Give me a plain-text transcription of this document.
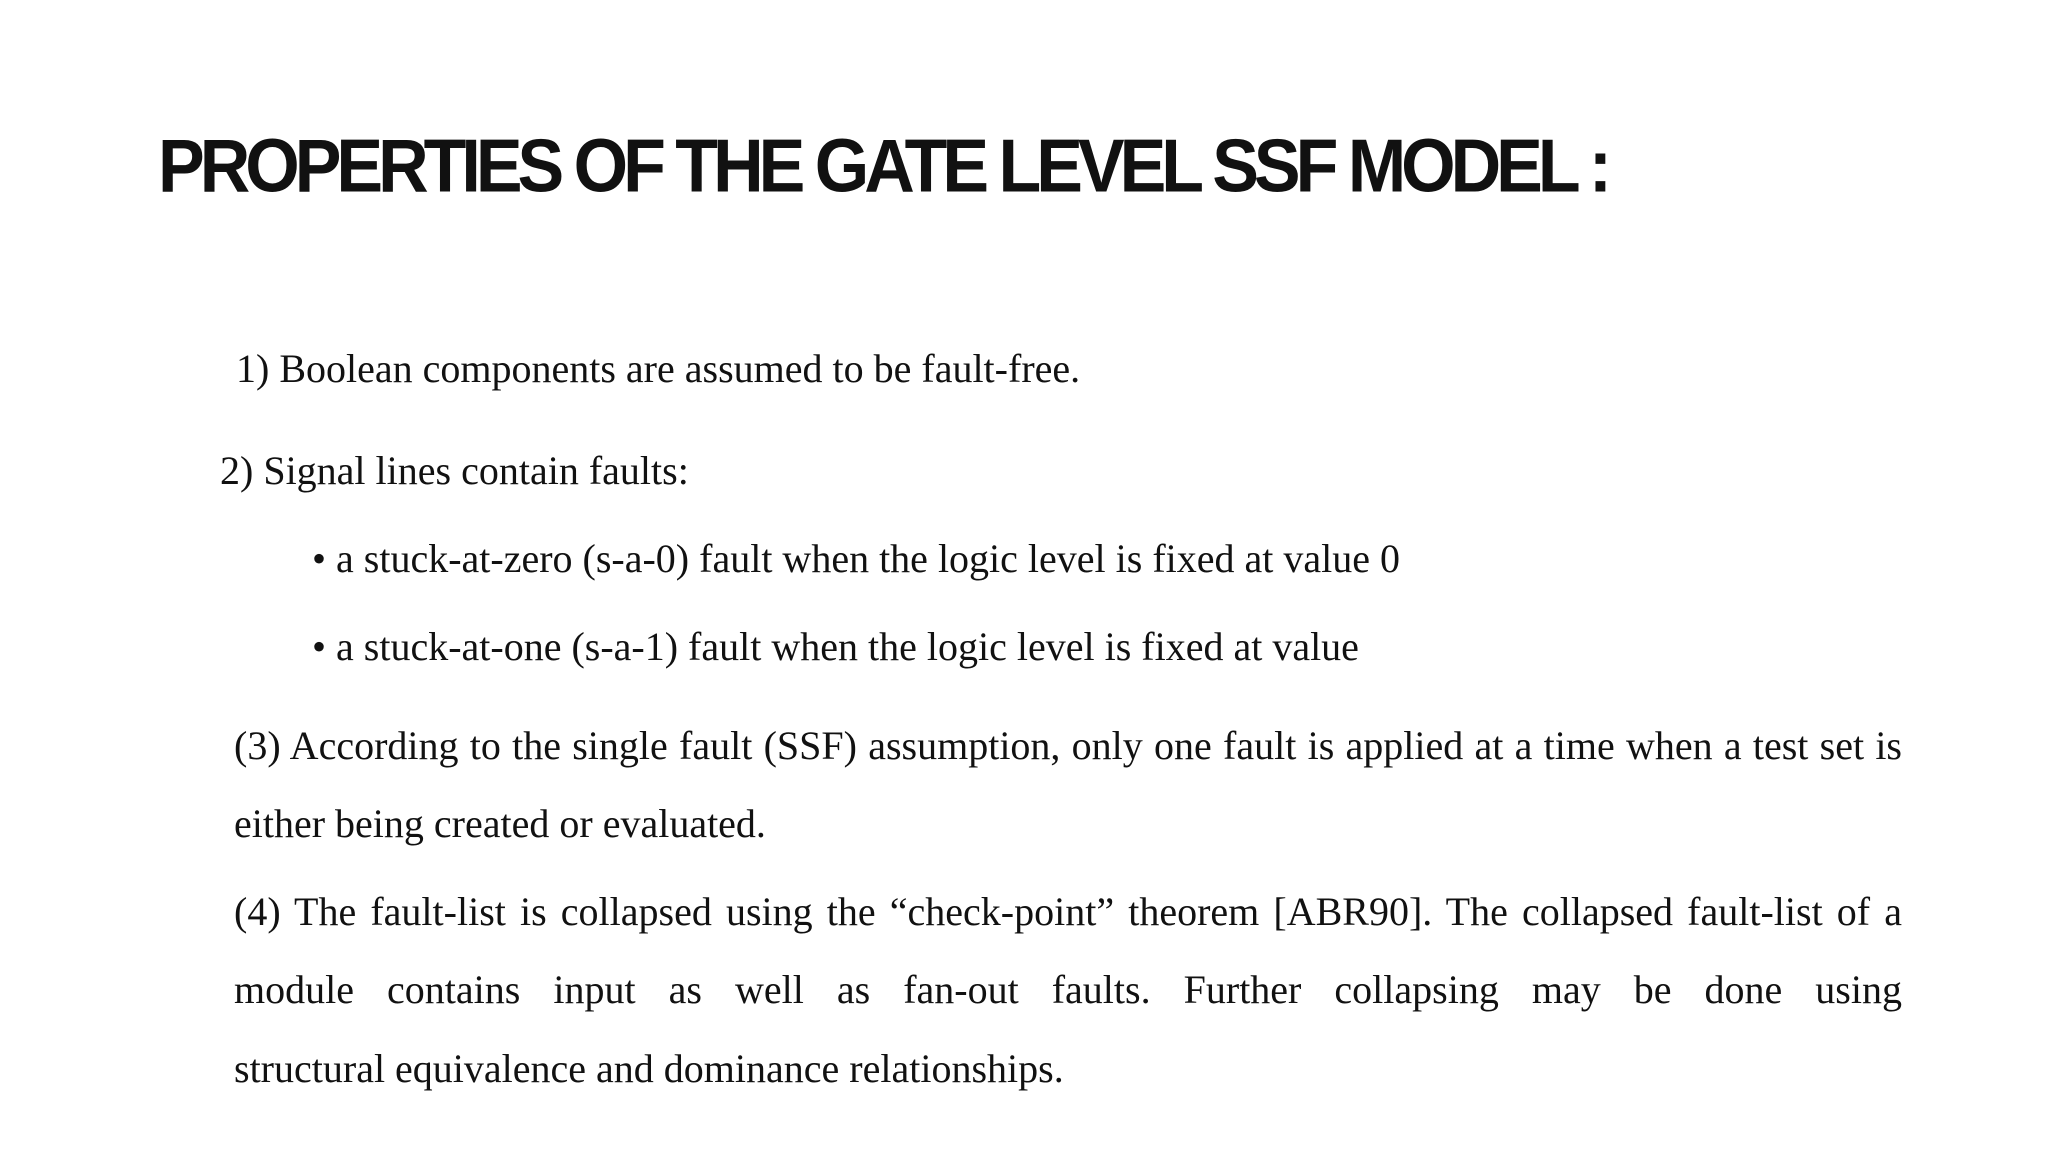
PROPERTIES OF THE GATE LEVEL SSF MODEL :
1) Boolean components are assumed to be fault-free.
2) Signal lines contain faults:
• a stuck-at-zero (s-a-0) fault when the logic level is fixed at value 0
• a stuck-at-one (s-a-1) fault when the logic level is fixed at value
(3) According to the single fault (SSF) assumption, only one fault is applied at a time when a test set is either being created or evaluated.
(4) The fault-list is collapsed using the “check-point” theorem [ABR90]. The collapsed fault-list of a module contains input as well as fan-out faults. Further collapsing may be done using
structural equivalence and dominance relationships.
